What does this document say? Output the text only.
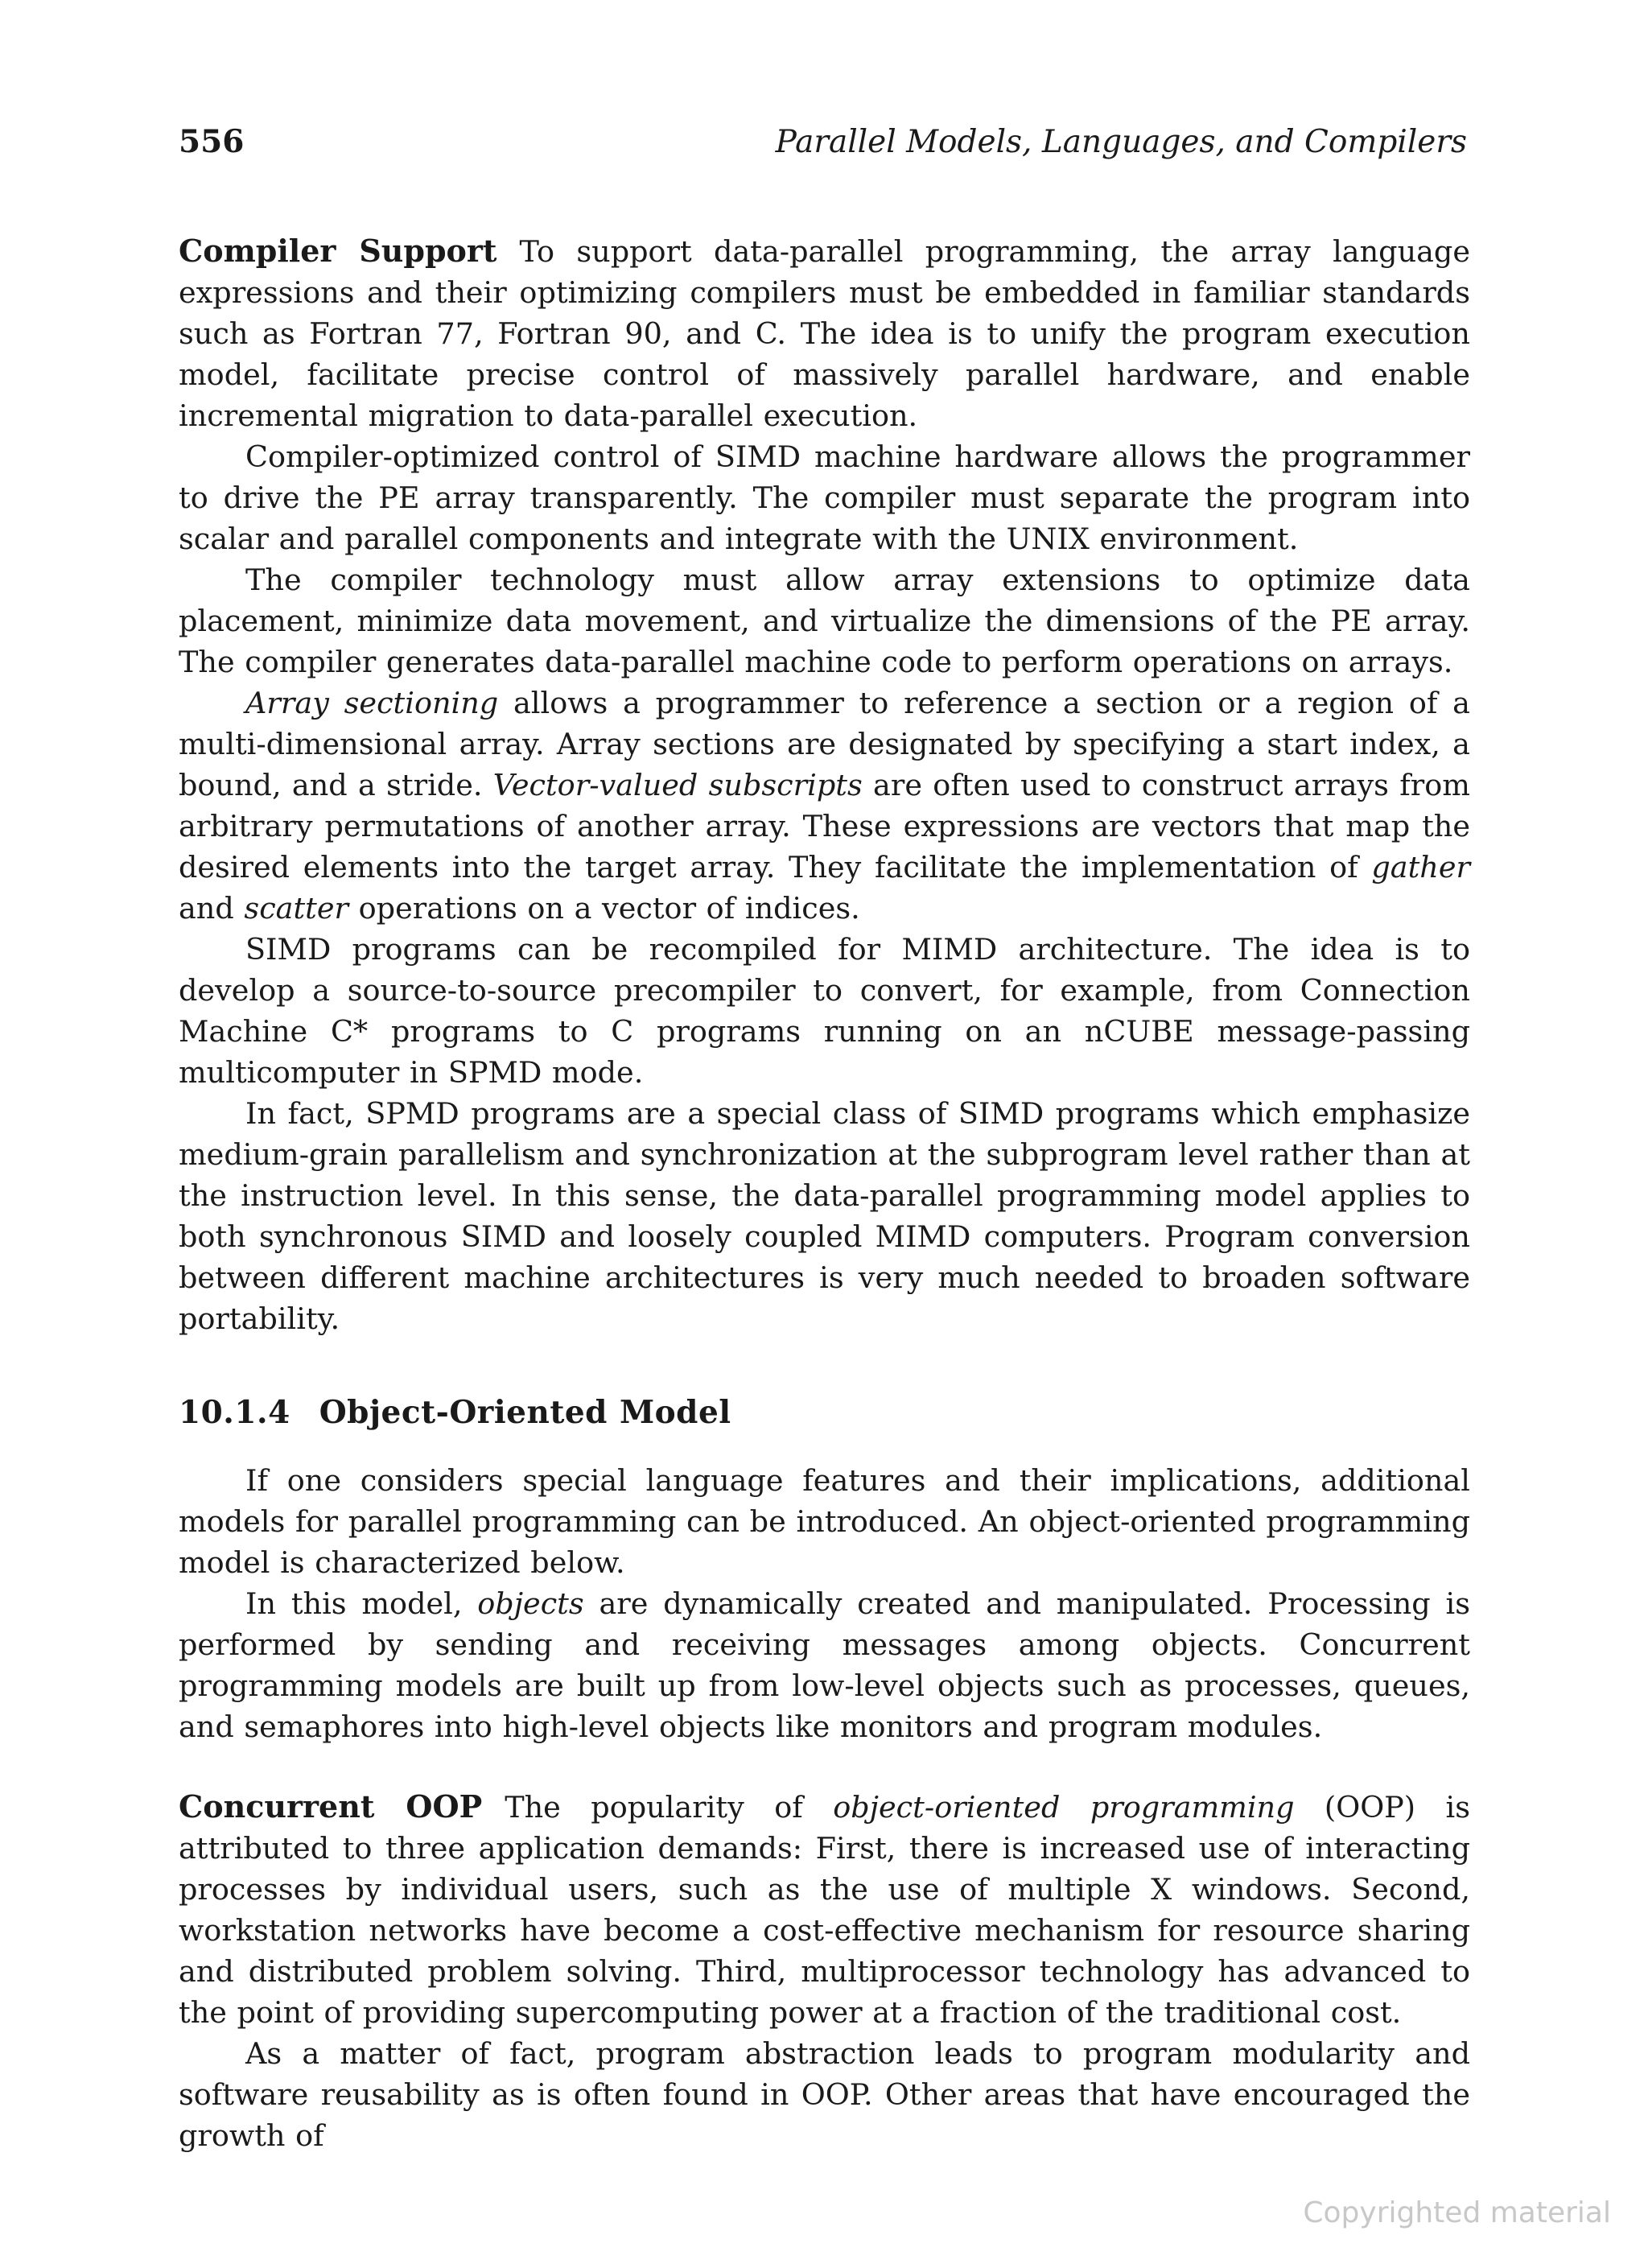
556	Parallel Models, Languages, and Compilers

Compiler Support To support data-parallel programming, the array language expressions and their optimizing compilers must be embedded in familiar standards such as Fortran 77, Fortran 90, and C. The idea is to unify the program execution model, facilitate precise control of massively parallel hardware, and enable incremental migration to data-parallel execution.

Compiler-optimized control of SIMD machine hardware allows the programmer to drive the PE array transparently. The compiler must separate the program into scalar and parallel components and integrate with the UNIX environment.

The compiler technology must allow array extensions to optimize data placement, minimize data movement, and virtualize the dimensions of the PE array. The compiler generates data-parallel machine code to perform operations on arrays.

Array sectioning allows a programmer to reference a section or a region of a multi-dimensional array. Array sections are designated by specifying a start index, a bound, and a stride. Vector-valued subscripts are often used to construct arrays from arbitrary permutations of another array. These expressions are vectors that map the desired elements into the target array. They facilitate the implementation of gather and scatter operations on a vector of indices.

SIMD programs can be recompiled for MIMD architecture. The idea is to develop a source-to-source precompiler to convert, for example, from Connection Machine C* programs to C programs running on an nCUBE message-passing multicomputer in SPMD mode.

In fact, SPMD programs are a special class of SIMD programs which emphasize medium-grain parallelism and synchronization at the subprogram level rather than at the instruction level. In this sense, the data-parallel programming model applies to both synchronous SIMD and loosely coupled MIMD computers. Program conversion between different machine architectures is very much needed to broaden software portability.

10.1.4 Object-Oriented Model

If one considers special language features and their implications, additional models for parallel programming can be introduced. An object-oriented programming model is characterized below.

In this model, objects are dynamically created and manipulated. Processing is performed by sending and receiving messages among objects. Concurrent programming models are built up from low-level objects such as processes, queues, and semaphores into high-level objects like monitors and program modules.

Concurrent OOP The popularity of object-oriented programming (OOP) is attributed to three application demands: First, there is increased use of interacting processes by individual users, such as the use of multiple X windows. Second, workstation networks have become a cost-effective mechanism for resource sharing and distributed problem solving. Third, multiprocessor technology has advanced to the point of providing supercomputing power at a fraction of the traditional cost.

As a matter of fact, program abstraction leads to program modularity and software reusability as is often found in OOP. Other areas that have encouraged the growth of

Copyrighted material
